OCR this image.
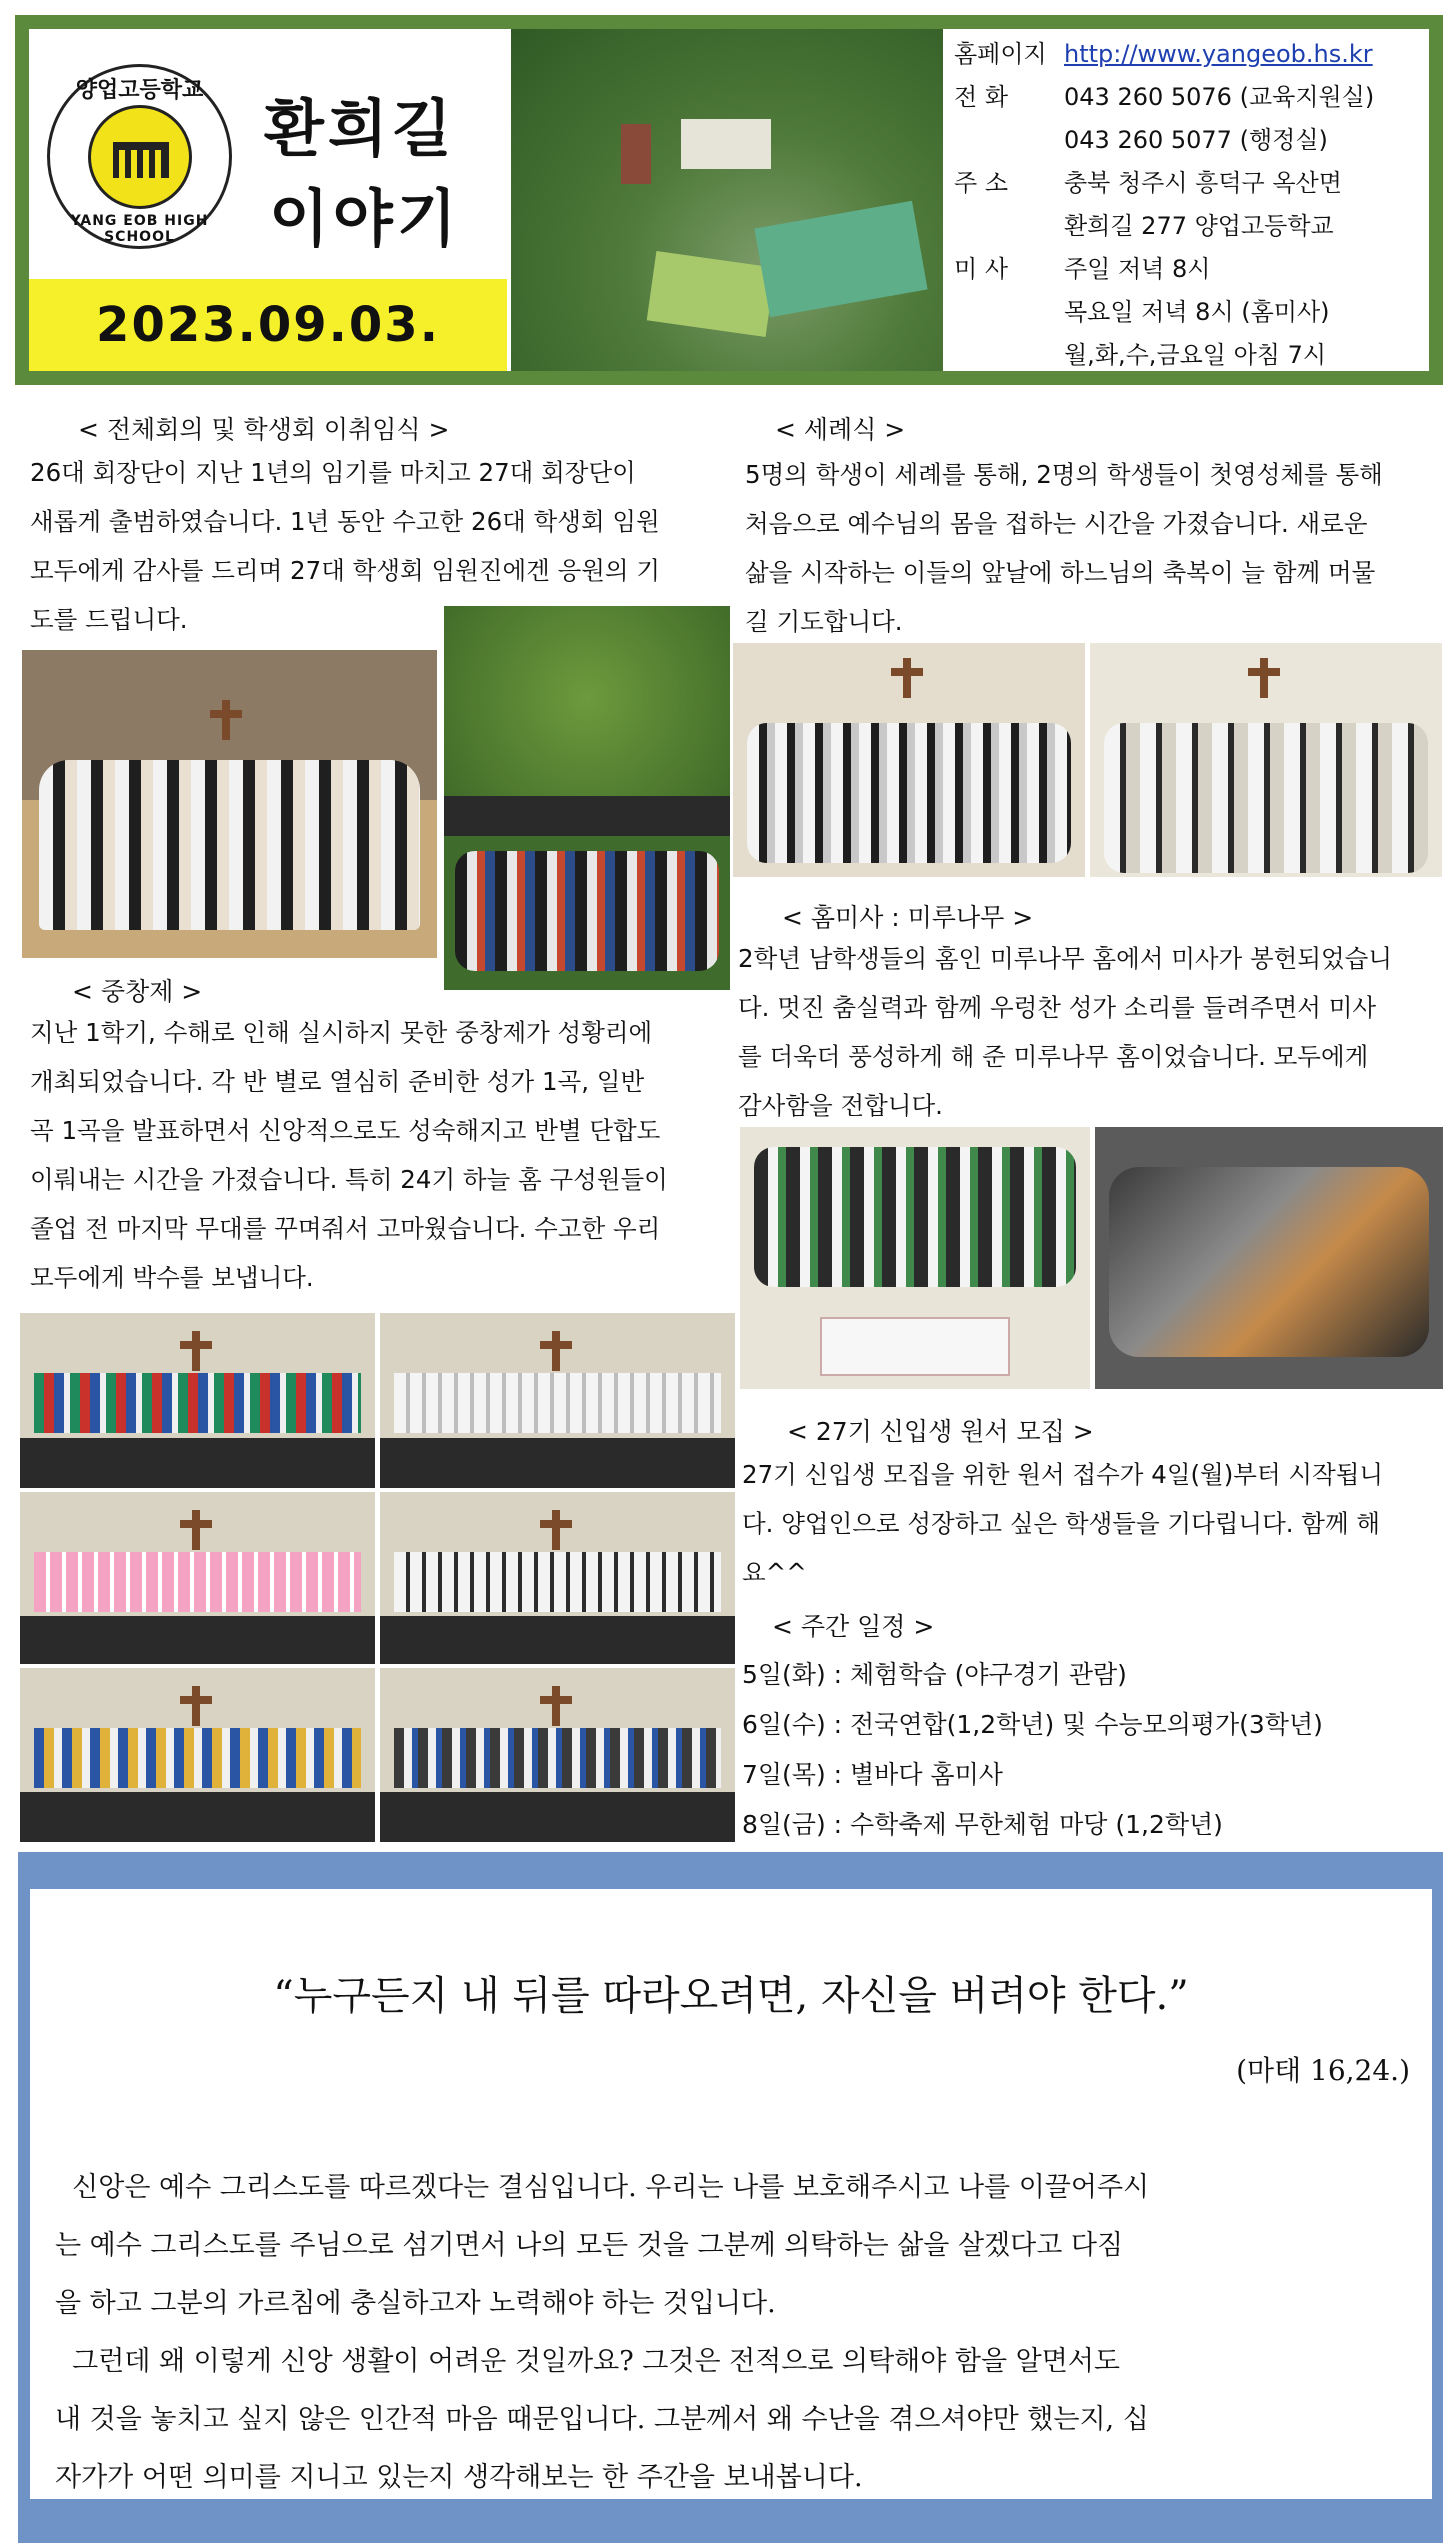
양업고등학교
YANG EOB HIGH SCHOOL
환희길
이야기
2023.09.03.
홈페이지 http://www.yangeob.hs.kr
전 화	043 260 5076 (교육지원실)
043 260 5077 (행정실)
주 소	충북 청주시 흥덕구 옥산면
환희길 277 양업고등학교
미 사	주일 저녁 8시
목요일 저녁 8시 (홈미사)
월,화,수,금요일 아침 7시
< 전체회의 및 학생회 이취임식 >
26대 회장단이 지난 1년의 임기를 마치고 27대 회장단이
새롭게 출범하였습니다. 1년 동안 수고한 26대 학생회 임원
모두에게 감사를 드리며 27대 학생회 임원진에겐 응원의 기
도를 드립니다.
< 중창제 >
지난 1학기, 수해로 인해 실시하지 못한 중창제가 성황리에
개최되었습니다. 각 반 별로 열심히 준비한 성가 1곡, 일반
곡 1곡을 발표하면서 신앙적으로도 성숙해지고 반별 단합도
이뤄내는 시간을 가졌습니다. 특히 24기 하늘 홈 구성원들이
졸업 전 마지막 무대를 꾸며줘서 고마웠습니다. 수고한 우리
모두에게 박수를 보냅니다.
< 세례식 >
5명의 학생이 세례를 통해, 2명의 학생들이 첫영성체를 통해
처음으로 예수님의 몸을 접하는 시간을 가졌습니다. 새로운
삶을 시작하는 이들의 앞날에 하느님의 축복이 늘 함께 머물
길 기도합니다.
< 홈미사 : 미루나무 >
2학년 남학생들의 홈인 미루나무 홈에서 미사가 봉헌되었습니
다. 멋진 춤실력과 함께 우렁찬 성가 소리를 들려주면서 미사
를 더욱더 풍성하게 해 준 미루나무 홈이었습니다. 모두에게
감사함을 전합니다.
< 27기 신입생 원서 모집 >
27기 신입생 모집을 위한 원서 접수가 4일(월)부터 시작됩니
다. 양업인으로 성장하고 싶은 학생들을 기다립니다. 함께 해
요^^
< 주간 일정 >
5일(화) : 체험학습 (야구경기 관람)
6일(수) : 전국연합(1,2학년) 및 수능모의평가(3학년)
7일(목) : 별바다 홈미사
8일(금) : 수학축제 무한체험 마당 (1,2학년)
“누구든지 내 뒤를 따라오려면, 자신을 버려야 한다.”
(마태 16,24.)
신앙은 예수 그리스도를 따르겠다는 결심입니다. 우리는 나를 보호해주시고 나를 이끌어주시
는 예수 그리스도를 주님으로 섬기면서 나의 모든 것을 그분께 의탁하는 삶을 살겠다고 다짐
을 하고 그분의 가르침에 충실하고자 노력해야 하는 것입니다.
그런데 왜 이렇게 신앙 생활이 어려운 것일까요? 그것은 전적으로 의탁해야 함을 알면서도
내 것을 놓치고 싶지 않은 인간적 마음 때문입니다. 그분께서 왜 수난을 겪으셔야만 했는지, 십
자가가 어떤 의미를 지니고 있는지 생각해보는 한 주간을 보내봅니다.
